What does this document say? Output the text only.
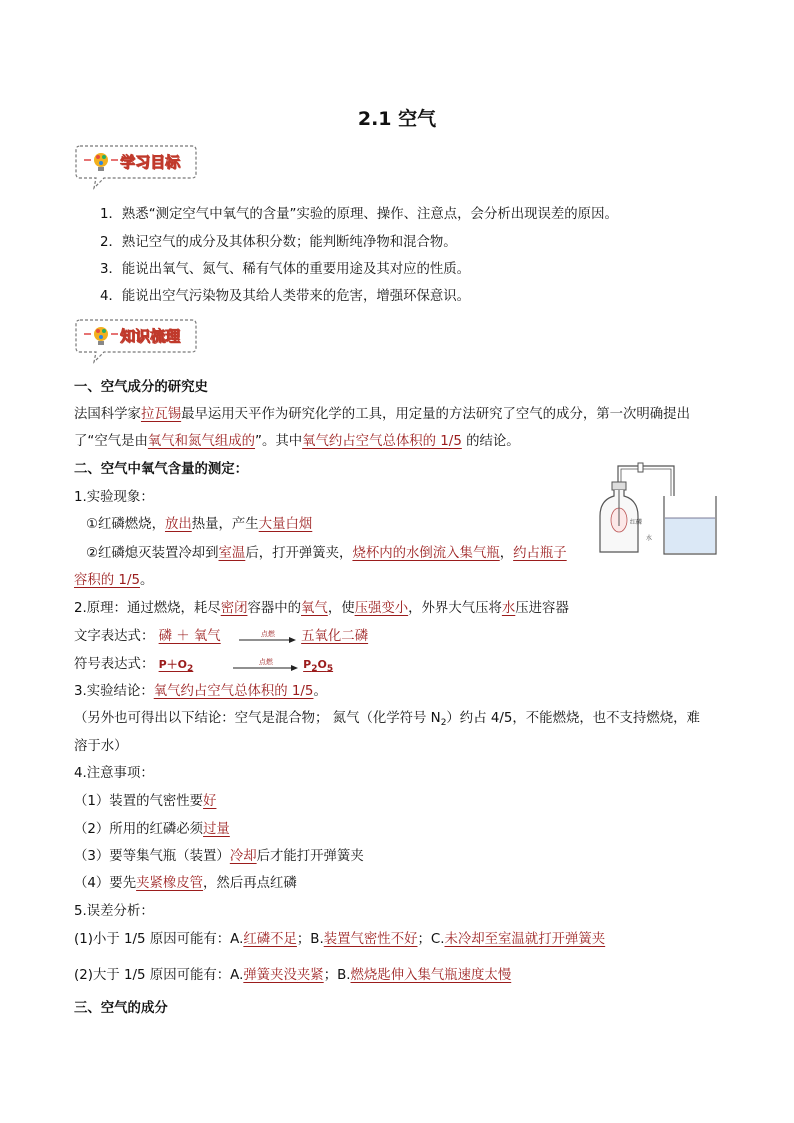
2.1 空气
学习目标
1．熟悉“测定空气中氧气的含量”实验的原理、操作、注意点，会分析出现误差的原因。
2．熟记空气的成分及其体积分数；能判断纯净物和混合物。
3．能说出氧气、氮气、稀有气体的重要用途及其对应的性质。
4．能说出空气污染物及其给人类带来的危害，增强环保意识。
知识梳理
一、空气成分的研究史
法国科学家拉瓦锡最早运用天平作为研究化学的工具，用定量的方法研究了空气的成分，第一次明确提出
了“空气是由氧气和氮气组成的”。其中氧气约占空气总体积的 1/5 的结论。
二、空气中氧气含量的测定：
1.实验现象：
①红磷燃烧，放出热量，产生大量白烟
②红磷熄灭装置冷却到室温后，打开弹簧夹，烧杯内的水倒流入集气瓶，约占瓶子
容积的 1/5。
红磷
水
2.原理：通过燃烧，耗尽密闭容器中的氧气，使压强变小，外界大气压将水压进容器
文字表达式： 磷 ＋ 氧气	点燃 五氧化二磷
符号表达式： $P+O_2$
点燃	$P_2O_5$
3.实验结论：氧气约占空气总体积的 1/5。
（另外也可得出以下结论：空气是混合物； 氮气（化学符号 $N_2$）约占 4/5，不能燃烧，也不支持燃烧，难
溶于水）
4.注意事项：
（1）装置的气密性要好
（2）所用的红磷必须过量
（3）要等集气瓶（装置）冷却后才能打开弹簧夹
（4）要先夹紧橡皮管，然后再点红磷
5.误差分析：
(1)小于 1/5 原因可能有：A.红磷不足；B.装置气密性不好；C.未冷却至室温就打开弹簧夹
(2)大于 1/5 原因可能有：A.弹簧夹没夹紧；B.燃烧匙伸入集气瓶速度太慢
三、空气的成分
